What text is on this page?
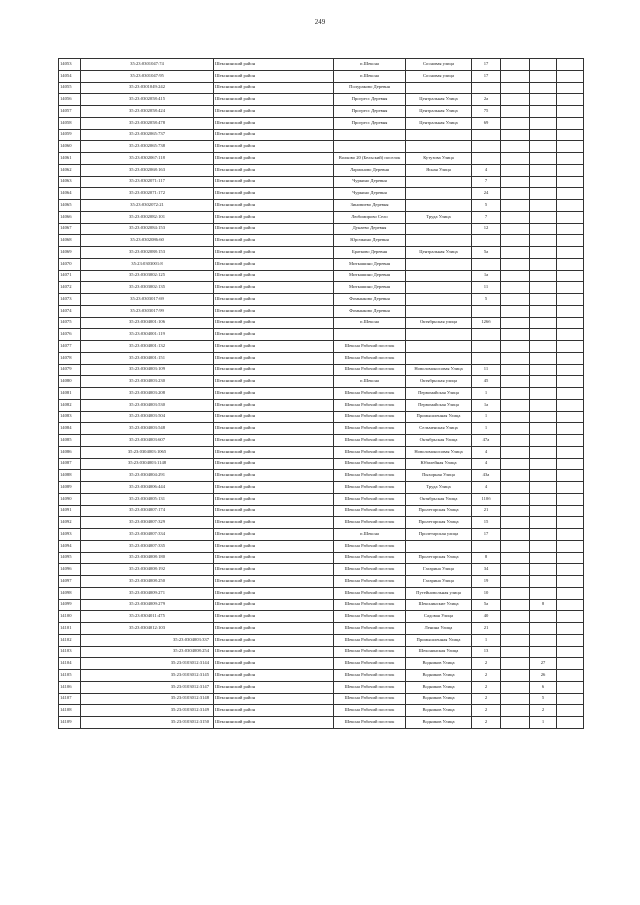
249
14053	35:23:0301047:74	Шекснинский район	п.Шексна	Сосновая улица	17			
14054	35:23:0301047:95	Шекснинский район	п.Шексна	Сосновая улица	17			
14055	35:23:0301049:242	Шекснинский район	Полураково Деревня					
14056	35:23:0302058:415	Шекснинский район	Прогресс Деревня	Центральная Улица	2а			
14057	35:23:0302058:424	Шекснинский район	Прогресс Деревня	Центральная Улица	75			
14058	35:23:0302058:478	Шекснинский район	Прогресс Деревня	Центральная Улица	69			
14059	35:23:0302065:737	Шекснинский район						
14060	35:23:0302065:738	Шекснинский район						
14061	35:23:0302067:118	Шекснинский район	Волково 20 (Бельский) поселок	Кутузова Улица				
14062	35:23:0302068:163	Шекснинский район	Ларионово Деревня	Ясная Улица	4			
14063	35:23:0302071:117	Шекснинский район	Чуркино Деревня		7			
14064	35:23:0302071:172	Шекснинский район	Чуркино Деревня		24			
14065	35:23:0302072:21	Шекснинский район	Зиновиево Деревня		5			
14066	35:23:0302082:101	Шекснинский район	Любомирово Село	Труда Улица	7			
14067	35:23:0302084:153	Шекснинский район	Дунаево Деревня		12			
14068	35:23:0302086:60	Шекснинский район	Юрочкино Деревня					
14069	35:23:0302088:153	Шекснинский район	Братково Деревня	Центральная Улица	5а			
14070	35:23:0303001:8	Шекснинский район	Миткашино Деревня					
14071	35:23:0303002:125	Шекснинский район	Миткашино Деревня		1а			
14072	35:23:0303002:135	Шекснинский район	Миткашино Деревня		11			
14073	35:23:0303017:69	Шекснинский район	Фомынково Деревня		5			
14074	35:23:0303017:99	Шекснинский район	Фомынково Деревня					
14075	35:23:0304001:106	Шекснинский район	п.Шексна	Октябрьская улица	126б			
14076	35:23:0304001:119	Шекснинский район						
14077	35:23:0304001:132	Шекснинский район	Шексна Рабочий поселок					
14078	35:23:0304001:151	Шекснинский район	Шексна Рабочий поселок					
14079	35:23:0304003:109	Шекснинский район	Шексна Рабочий поселок	Новоломоносовая Улица	11			
14080	35:23:0304003:230	Шекснинский район	п.Шексна	Октябрьская улица	45			
14081	35:23:0304003:208	Шекснинский район	Шексна Рабочий поселок	Первомайская Улица	1			
14082	35:23:0304003:530	Шекснинский район	Шексна Рабочий поселок	Первомайская Улица	1а			
14083	35:23:0304003:504	Шекснинский район	Шексна Рабочий поселок	Промышленная Улица	1			
14084	35:23:0304003:548	Шекснинский район	Шексна Рабочий поселок	Сельменская Улица	1			
14085	35:23:0304003:607	Шекснинский район	Шексна Рабочий поселок	Октябрьская Улица	47а			
14086	35:23:0304003:1065	Шекснинский район	Шексна Рабочий поселок	Новоломоносовая Улица	4			
14087	35:23:0304003:1148	Шекснинский район	Шексна Рабочий поселок	Юбилейная Улица	4			
14088	35:23:0304004:291	Шекснинский район	Шексна Рабочий поселок	Пыхорная Улица	43а			
14089	35:23:0304006:444	Шекснинский район	Шексна Рабочий поселок	Труда Улица	4			
14090	35:23:0304005:131	Шекснинский район	Шексна Рабочий поселок	Октябрьская Улица	110б			
14091	35:23:0304007:174	Шекснинский район	Шексна Рабочий поселок	Пролетарская Улица	21			
14092	35:23:0304007:329	Шекснинский район	Шексна Рабочий поселок	Пролетарская Улица	15			
14093	35:23:0304007:334	Шекснинский район	п.Шексна	Пролетарская улица	17			
14094	35:23:0304007:335	Шекснинский район	Шексна Рабочий поселок					
14095	35:23:0304008:180	Шекснинский район	Шексна Рабочий поселок	Пролетарская Улица	8			
14096	35:23:0304008:192	Шекснинский район	Шексна Рабочий поселок	Гагарина Улица	34			
14097	35:23:0304008:250	Шекснинский район	Шексна Рабочий поселок	Гагарина Улица	19			
14098	35:23:0304009:271	Шекснинский район	Шексна Рабочий поселок	Путейновольная улица	10			
14099	35:23:0304009:279	Шекснинский район	Шексна Рабочий поселок	Шекснинские Улица	5а		8	
14100	35:23:0304011:475	Шекснинский район	Шексна Рабочий поселок	Садовая Улица	40			
14101	35:23:0304012:103	Шекснинский район	Шексна Рабочий поселок	Ленина Улица	21			
14102	35:23:0304003:337	Шекснинский район	Шексна Рабочий поселок	Промышленная Улица	1			
14103	35:23:0304008:254	Шекснинский район	Шексна Рабочий поселок	Шекснинская Улица	13			
14104	35:23:0103012:3144	Шекснинский район	Шексна Рабочий поселок	Водников Улица	2		27	
14105	35:23:0103012:3145	Шекснинский район	Шексна Рабочий поселок	Водников Улица	2		26	
14106	35:23:0103012:3147	Шекснинский район	Шексна Рабочий поселок	Водников Улица	2		6	
14107	35:23:0103012:3148	Шекснинский район	Шексна Рабочий поселок	Водников Улица	2		5	
14108	35:23:0103012:3149	Шекснинский район	Шексна Рабочий поселок	Водников Улица	2		2	
14109	35:23:0103012:3150	Шекснинский район	Шексна Рабочий поселок	Водников Улица	2		1	
